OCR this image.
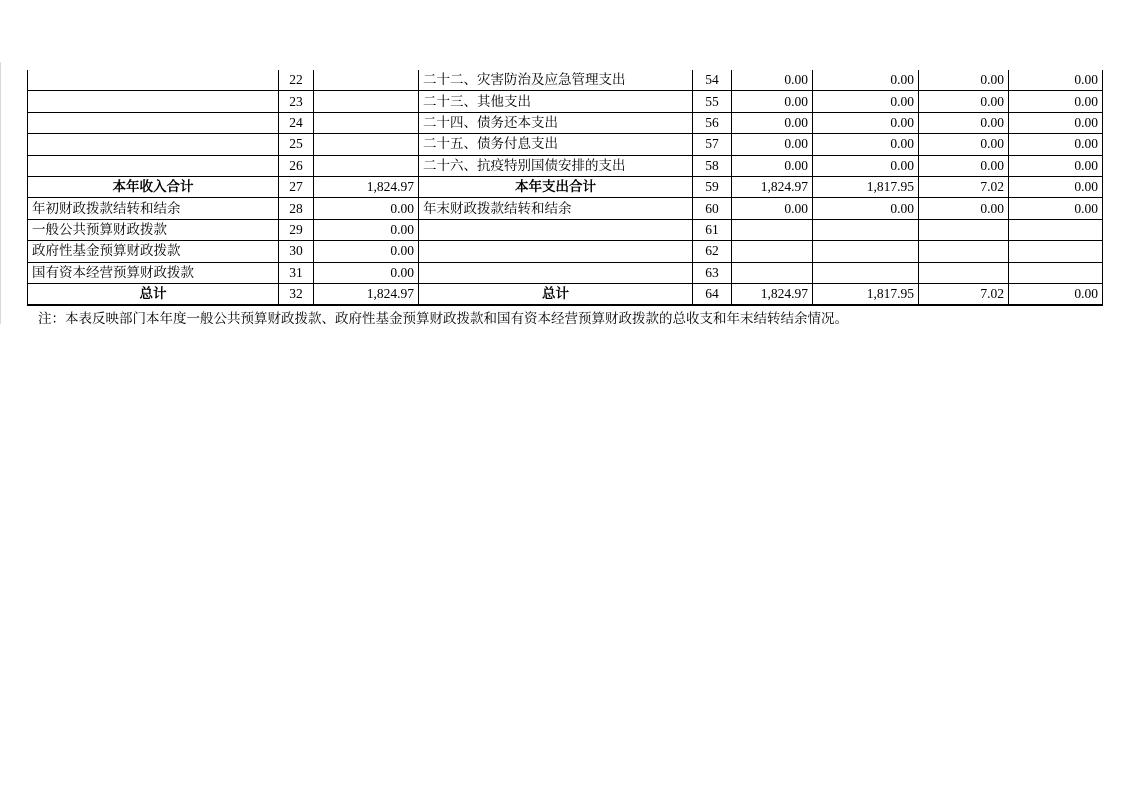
	22		二十二、灾害防治及应急管理支出	54	0.00	0.00	0.00	0.00
	23		二十三、其他支出	55	0.00	0.00	0.00	0.00
	24		二十四、债务还本支出	56	0.00	0.00	0.00	0.00
	25		二十五、债务付息支出	57	0.00	0.00	0.00	0.00
	26		二十六、抗疫特别国债安排的支出	58	0.00	0.00	0.00	0.00
本年收入合计	27	1,824.97	本年支出合计	59	1,824.97	1,817.95	7.02	0.00
年初财政拨款结转和结余	28	0.00	年末财政拨款结转和结余	60	0.00	0.00	0.00	0.00
一般公共预算财政拨款	29	0.00		61				
政府性基金预算财政拨款	30	0.00		62				
国有资本经营预算财政拨款	31	0.00		63				
总计	32	1,824.97	总计	64	1,824.97	1,817.95	7.02	0.00
注：本表反映部门本年度一般公共预算财政拨款、政府性基金预算财政拨款和国有资本经营预算财政拨款的总收支和年末结转结余情况。
